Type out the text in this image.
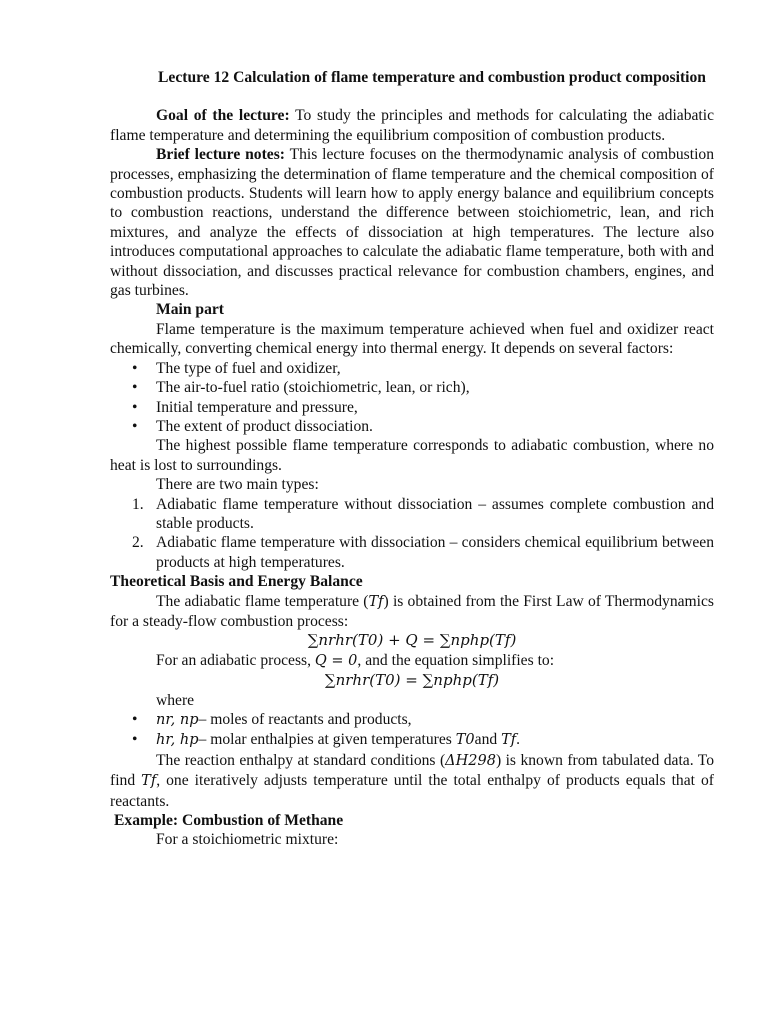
Lecture 12 Calculation of flame temperature and combustion product composition

Goal of the lecture: To study the principles and methods for calculating the adiabatic flame temperature and determining the equilibrium composition of combustion products.

Brief lecture notes: This lecture focuses on the thermodynamic analysis of combustion processes, emphasizing the determination of flame temperature and the chemical composition of combustion products. Students will learn how to apply energy balance and equilibrium concepts to combustion reactions, understand the difference between stoichiometric, lean, and rich mixtures, and analyze the effects of dissociation at high temperatures. The lecture also introduces computational approaches to calculate the adiabatic flame temperature, both with and without dissociation, and discusses practical relevance for combustion chambers, engines, and gas turbines.

Main part

Flame temperature is the maximum temperature achieved when fuel and oxidizer react chemically, converting chemical energy into thermal energy. It depends on several factors:

• The type of fuel and oxidizer,
• The air-to-fuel ratio (stoichiometric, lean, or rich),
• Initial temperature and pressure,
• The extent of product dissociation.

The highest possible flame temperature corresponds to adiabatic combustion, where no heat is lost to surroundings.

There are two main types:

1. Adiabatic flame temperature without dissociation – assumes complete combustion and stable products.
2. Adiabatic flame temperature with dissociation – considers chemical equilibrium between products at high temperatures.

Theoretical Basis and Energy Balance

The adiabatic flame temperature (Tf) is obtained from the First Law of Thermodynamics for a steady-flow combustion process:

∑nrhr(T0) + Q = ∑nphp(Tf)

For an adiabatic process, Q = 0, and the equation simplifies to:

∑nrhr(T0) = ∑nphp(Tf)

where

• nr, np– moles of reactants and products,
• hr, hp– molar enthalpies at given temperatures T0and Tf.

The reaction enthalpy at standard conditions (ΔH298) is known from tabulated data. To find Tf, one iteratively adjusts temperature until the total enthalpy of products equals that of reactants.

Example: Combustion of Methane

For a stoichiometric mixture:
